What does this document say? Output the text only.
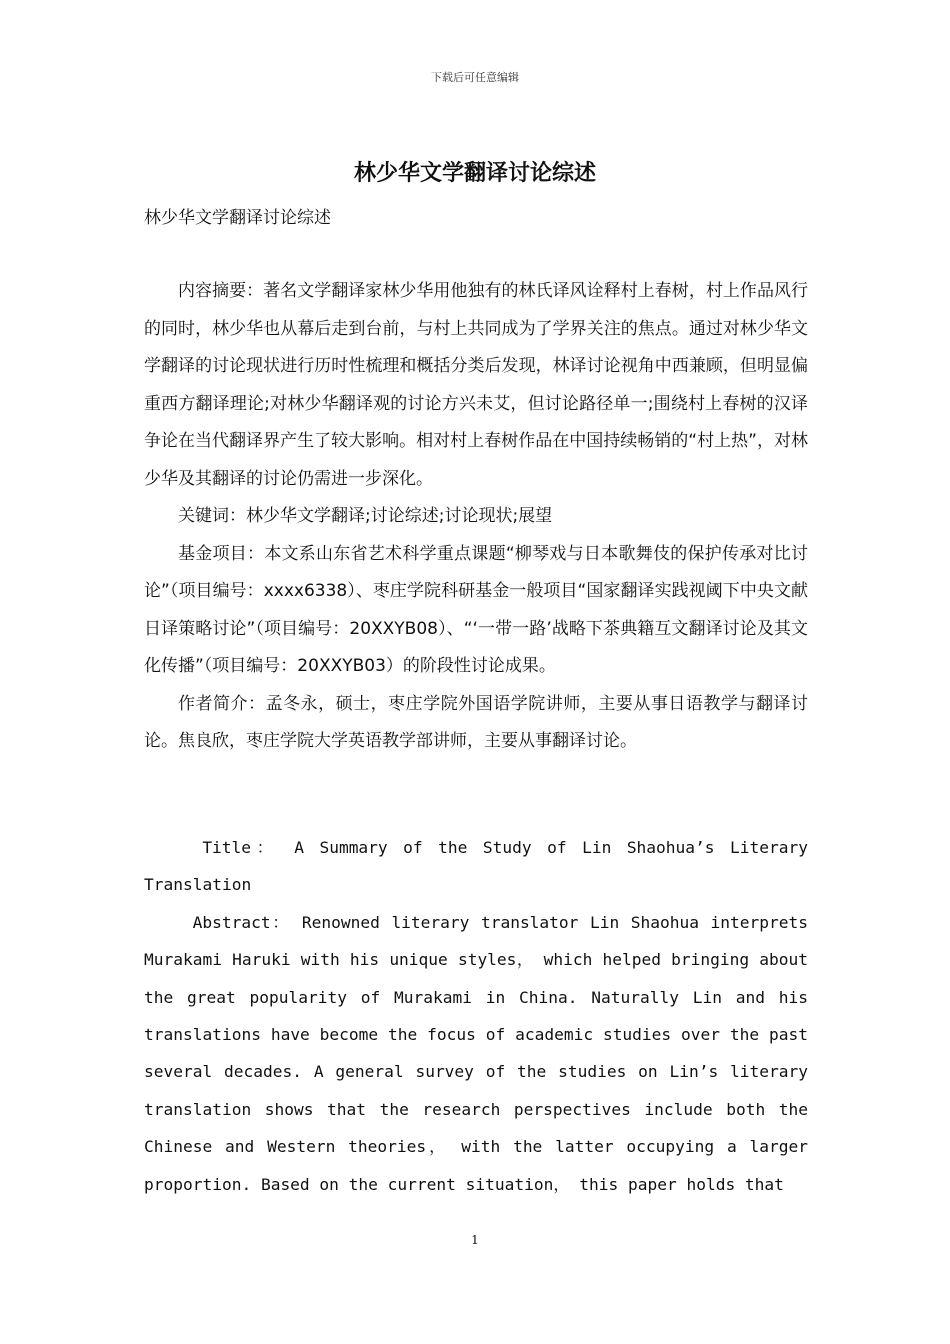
下载后可任意编辑
林少华文学翻译讨论综述

林少华文学翻译讨论综述

内容摘要：著名文学翻译家林少华用他独有的林氏译风诠释村上春树，村上作品风行的同时，林少华也从幕后走到台前，与村上共同成为了学界关注的焦点。通过对林少华文学翻译的讨论现状进行历时性梳理和概括分类后发现，林译讨论视角中西兼顾，但明显偏重西方翻译理论;对林少华翻译观的讨论方兴未艾，但讨论路径单一;围绕村上春树的汉译争论在当代翻译界产生了较大影响。相对村上春树作品在中国持续畅销的“村上热”，对林少华及其翻译的讨论仍需进一步深化。

关键词：林少华文学翻译;讨论综述;讨论现状;展望

基金项目：本文系山东省艺术科学重点课题“柳琴戏与日本歌舞伎的保护传承对比讨论”（项目编号：xxxx6338）、枣庄学院科研基金一般项目“国家翻译实践视阈下中央文献日译策略讨论”（项目编号：20XXYB08）、“‘一带一路’战略下茶典籍互文翻译讨论及其文化传播”（项目编号：20XXYB03）的阶段性讨论成果。

作者简介：孟冬永，硕士，枣庄学院外国语学院讲师，主要从事日语教学与翻译讨论。焦良欣，枣庄学院大学英语教学部讲师，主要从事翻译讨论。

Title： A Summary of the Study of Lin Shaohua’s Literary Translation

Abstract： Renowned literary translator Lin Shaohua interprets Murakami Haruki with his unique styles， which helped bringing about the great popularity of Murakami in China. Naturally Lin and his translations have become the focus of academic studies over the past several decades. A general survey of the studies on Lin’s literary translation shows that the research perspectives include both the Chinese and Western theories， with the latter occupying a larger proportion. Based on the current situation， this paper holds that

1
